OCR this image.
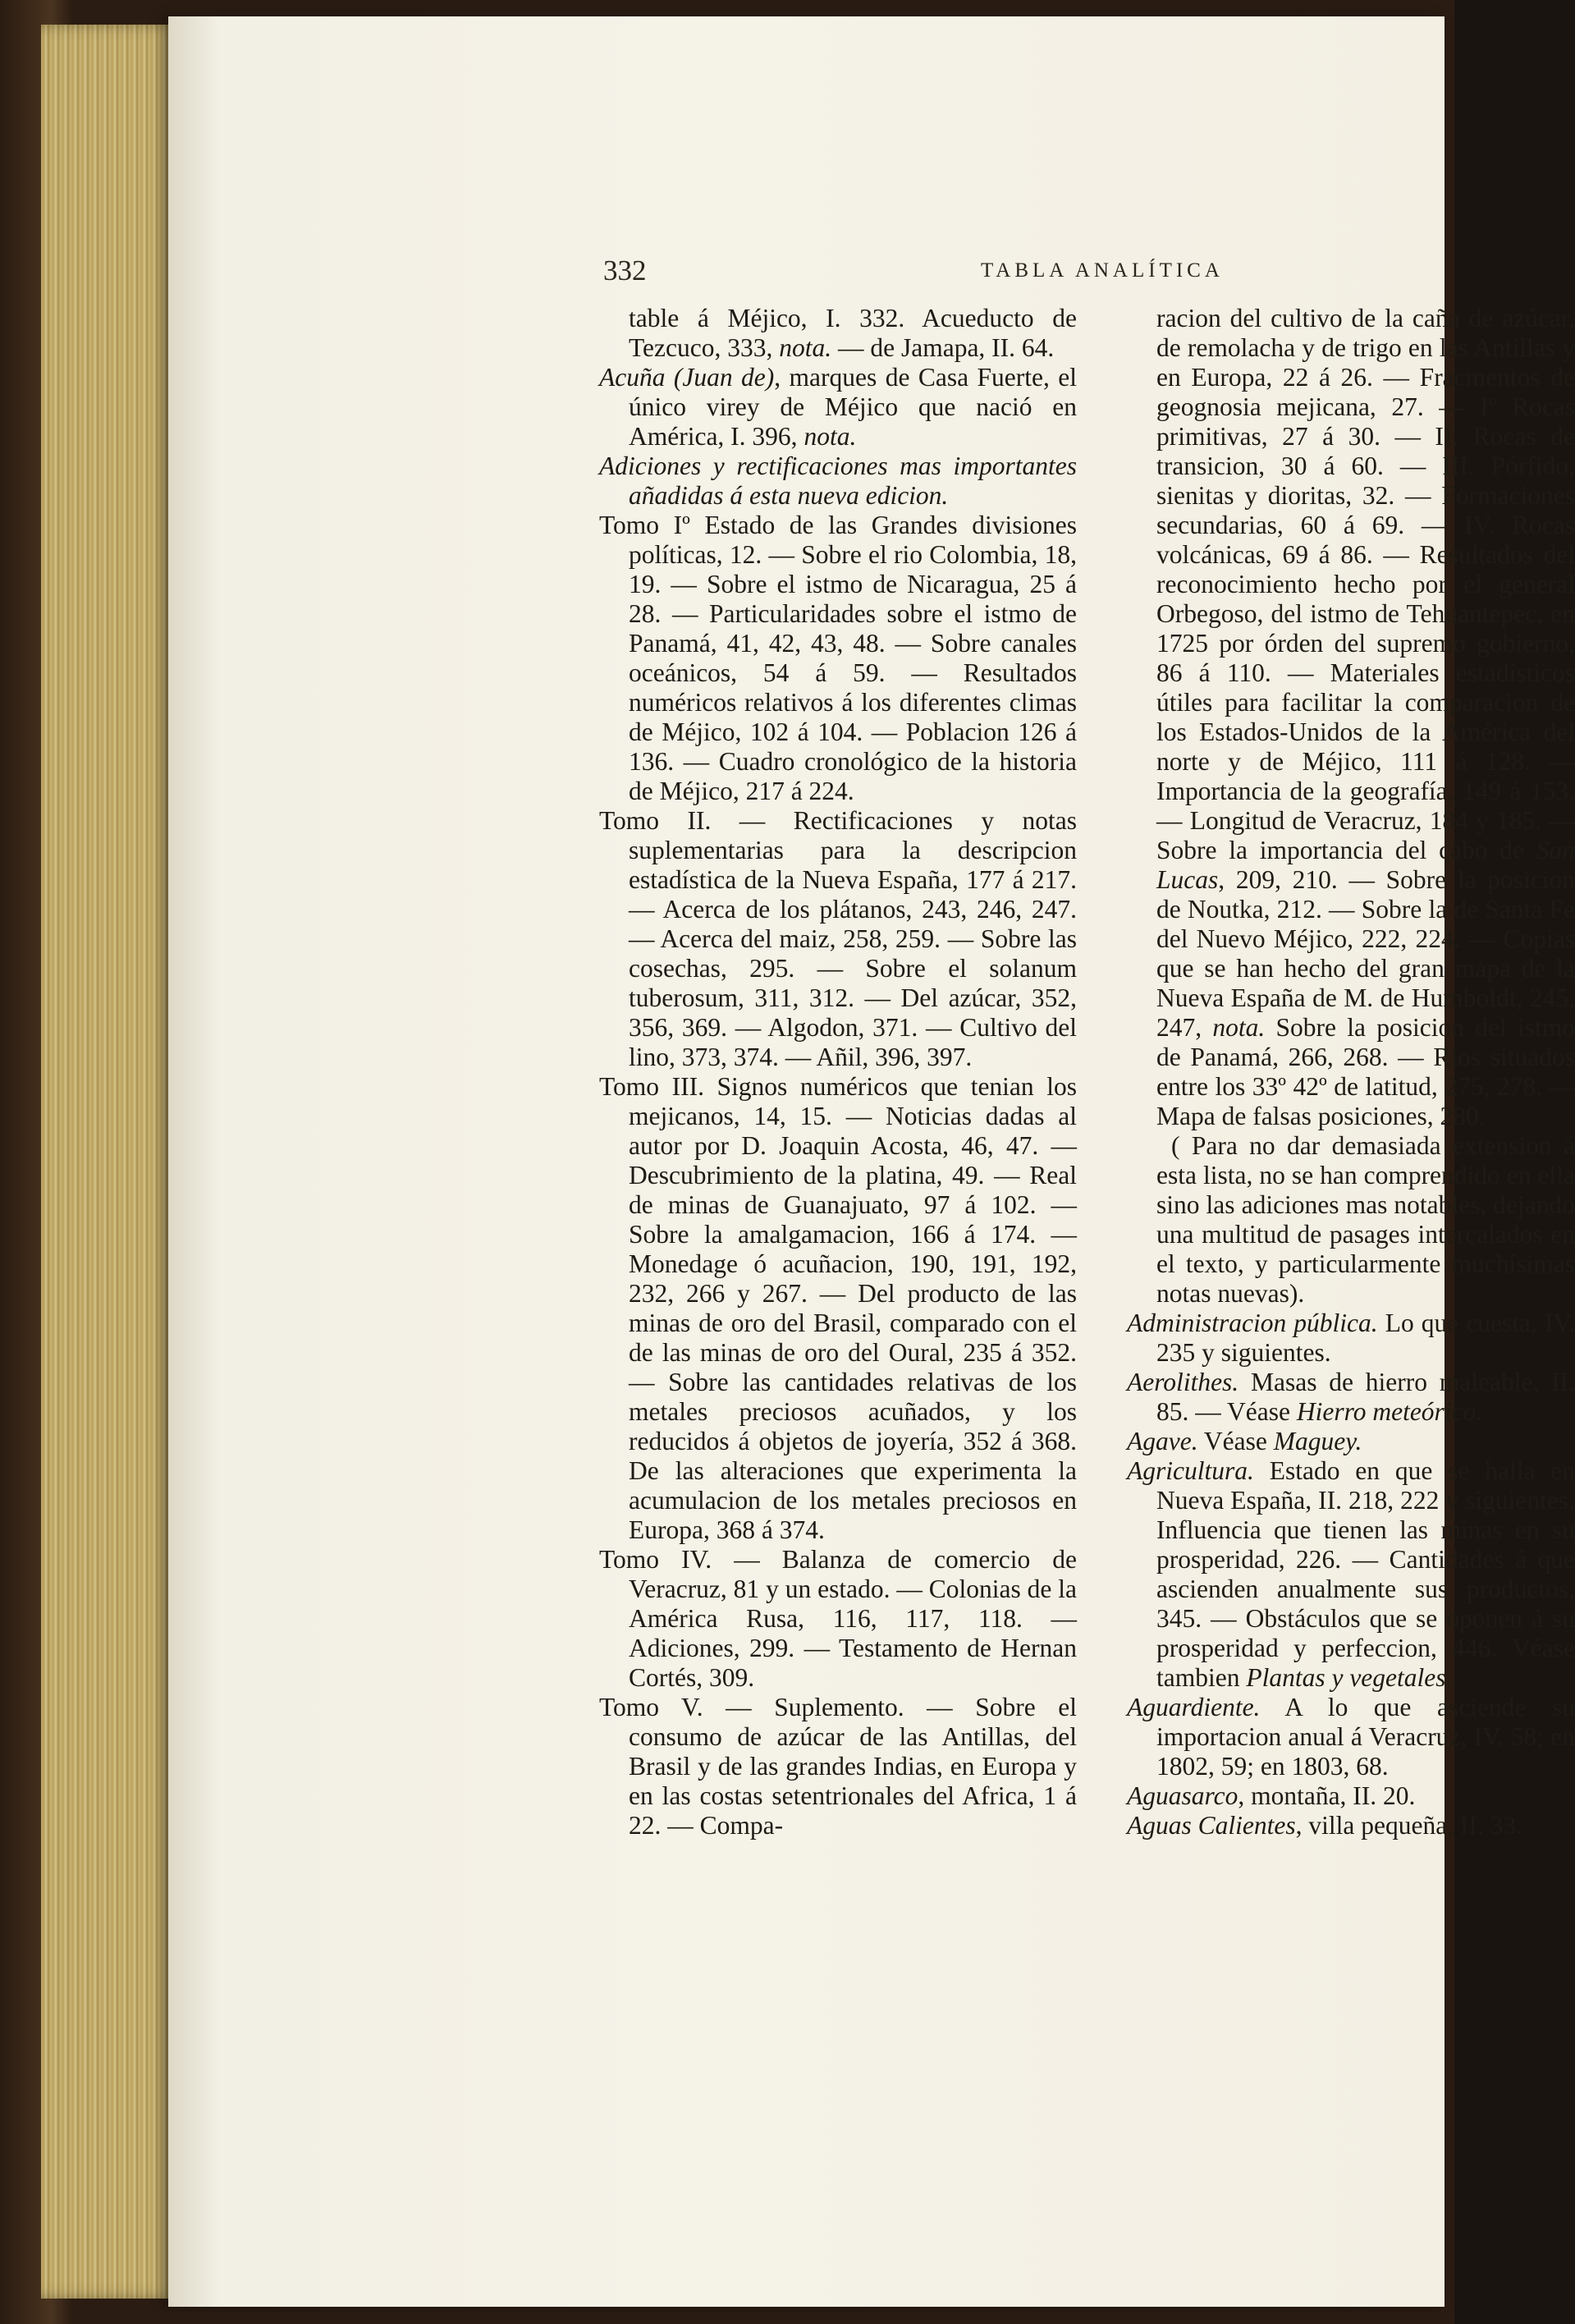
332	TABLA ANALÍTICA

table á Méjico, I. 332. Acueducto de Tezcuco, 333, nota. — de Jamapa, II. 64.

Acuña (Juan de), marques de Casa Fuerte, el único virey de Méjico que nació en América, I. 396, nota.

Adiciones y rectificaciones mas importantes añadidas á esta nueva edicion.

Tomo Iº Estado de las Grandes divisiones políticas, 12. — Sobre el rio Colombia, 18, 19. — Sobre el istmo de Nicaragua, 25 á 28. — Particularidades sobre el istmo de Panamá, 41, 42, 43, 48. — Sobre canales oceánicos, 54 á 59. — Resultados numéricos relativos á los diferentes climas de Méjico, 102 á 104. — Poblacion 126 á 136. — Cuadro cronológico de la historia de Méjico, 217 á 224.

Tomo II. — Rectificaciones y notas suplementarias para la descripcion estadística de la Nueva España, 177 á 217. — Acerca de los plátanos, 243, 246, 247. — Acerca del maiz, 258, 259. — Sobre las cosechas, 295. — Sobre el solanum tuberosum, 311, 312. — Del azúcar, 352, 356, 369. — Algodon, 371. — Cultivo del lino, 373, 374. — Añil, 396, 397.

Tomo III. Signos numéricos que tenian los mejicanos, 14, 15. — Noticias dadas al autor por D. Joaquin Acosta, 46, 47. — Descubrimiento de la platina, 49. — Real de minas de Guanajuato, 97 á 102. — Sobre la amalgamacion, 166 á 174. — Monedage ó acuñacion, 190, 191, 192, 232, 266 y 267. — Del producto de las minas de oro del Brasil, comparado con el de las minas de oro del Oural, 235 á 352. — Sobre las cantidades relativas de los metales preciosos acuñados, y los reducidos á objetos de joyería, 352 á 368. De las alteraciones que experimenta la acumulacion de los metales preciosos en Europa, 368 á 374.

Tomo IV. — Balanza de comercio de Veracruz, 81 y un estado. — Colonias de la América Rusa, 116, 117, 118. — Adiciones, 299. — Testamento de Hernan Cortés, 309.

Tomo V. — Suplemento. — Sobre el consumo de azúcar de las Antillas, del Brasil y de las grandes Indias, en Europa y en las costas setentrionales del Africa, 1 á 22. — Compa-

racion del cultivo de la caña de azúcar, de remolacha y de trigo en las Antillas y en Europa, 22 á 26. — Fracmentos de geognosia mejicana, 27. — Iº Rocas primitivas, 27 á 30. — II. Rocas de transicion, 30 á 60. — III. Pórfido, sienitas y dioritas, 32. — Formaciones secundarias, 60 á 69. — IV. Rocas volcánicas, 69 á 86. — Resultados del reconocimiento hecho por el general Orbegoso, del istmo de Tehuantepec, en 1725 por órden del supremo gobierno, 86 á 110. — Materiales estadísticos útiles para facilitar la comparacion de los Estados-Unidos de la América del norte y de Méjico, 111 á 128. — Importancia de la geografía, 149 á 153. — Longitud de Veracruz, 184 y 185. — Sobre la importancia del cabo de San Lucas, 209, 210. — Sobre la posicion de Noutka, 212. — Sobre la de Santa Fe del Nuevo Méjico, 222, 224. — Copias que se han hecho del gran mapa de la Nueva España de M. de Humboldt, 245, 247, nota. Sobre la posicion del istmo de Panamá, 266, 268. — Rios situados entre los 33º 42º de latitud, 275, 278. — Mapa de falsas posiciones, 280.

( Para no dar demasiada extension á esta lista, no se han comprendido en ella sino las adiciones mas notables, dejando una multitud de pasages intercalados en el texto, y particularmente muchísimas notas nuevas).

Administracion pública. Lo que cuesta, IV. 235 y siguientes.

Aerolithes. Masas de hierro maleable, II. 85. — Véase Hierro meteórico.

Agave. Véase Maguey.

Agricultura. Estado en que se halla en Nueva España, II. 218, 222 y siguientes. Influencia que tienen las minas en su prosperidad, 226. — Cantidades á que ascienden anualmente sus productos, 345. — Obstáculos que se oponen á su prosperidad y perfeccion, 446. Véase tambien Plantas y vegetales.

Aguardiente. A lo que asciende su importacion anual á Veracruz, IV. 58; en 1802, 59; en 1803, 68.

Aguasarco, montaña, II. 20.

Aguas Calientes, villa pequeña, II. 33.
